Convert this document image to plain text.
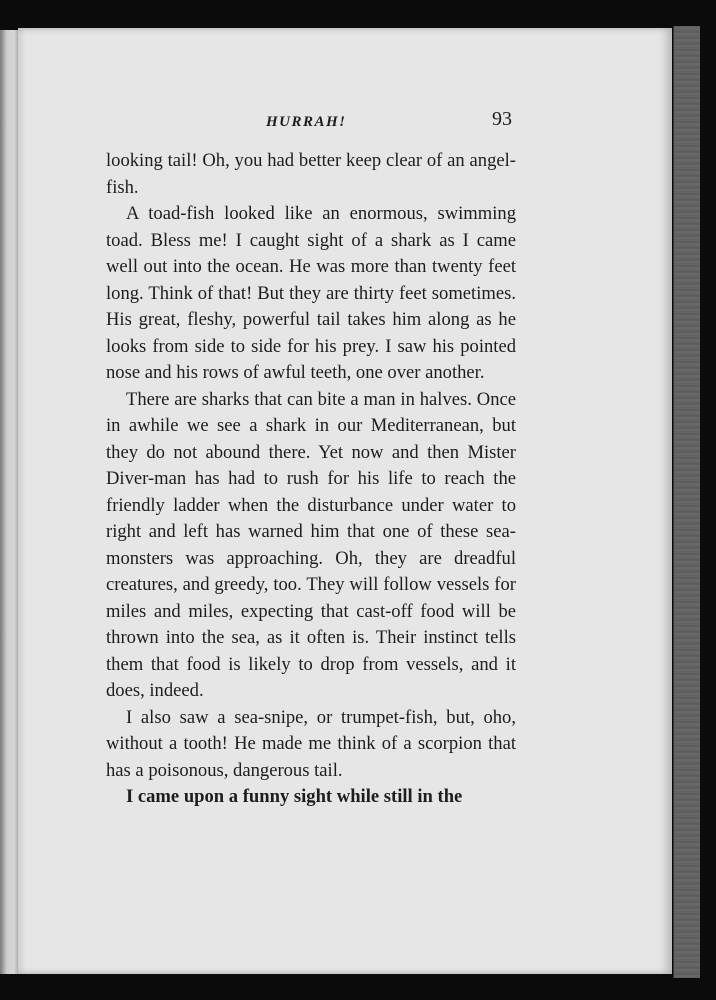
HURRAH!	93

looking tail! Oh, you had better keep clear of an angel-fish.

A toad-fish looked like an enormous, swimming toad. Bless me! I caught sight of a shark as I came well out into the ocean. He was more than twenty feet long. Think of that! But they are thirty feet sometimes. His great, fleshy, powerful tail takes him along as he looks from side to side for his prey. I saw his pointed nose and his rows of awful teeth, one over another.

There are sharks that can bite a man in halves. Once in awhile we see a shark in our Mediterranean, but they do not abound there. Yet now and then Mister Diver-man has had to rush for his life to reach the friendly ladder when the disturbance under water to right and left has warned him that one of these sea-monsters was approaching. Oh, they are dreadful creatures, and greedy, too. They will follow vessels for miles and miles, expecting that cast-off food will be thrown into the sea, as it often is. Their instinct tells them that food is likely to drop from vessels, and it does, indeed.

I also saw a sea-snipe, or trumpet-fish, but, oho, without a tooth! He made me think of a scorpion that has a poisonous, dangerous tail.

I came upon a funny sight while still in the
